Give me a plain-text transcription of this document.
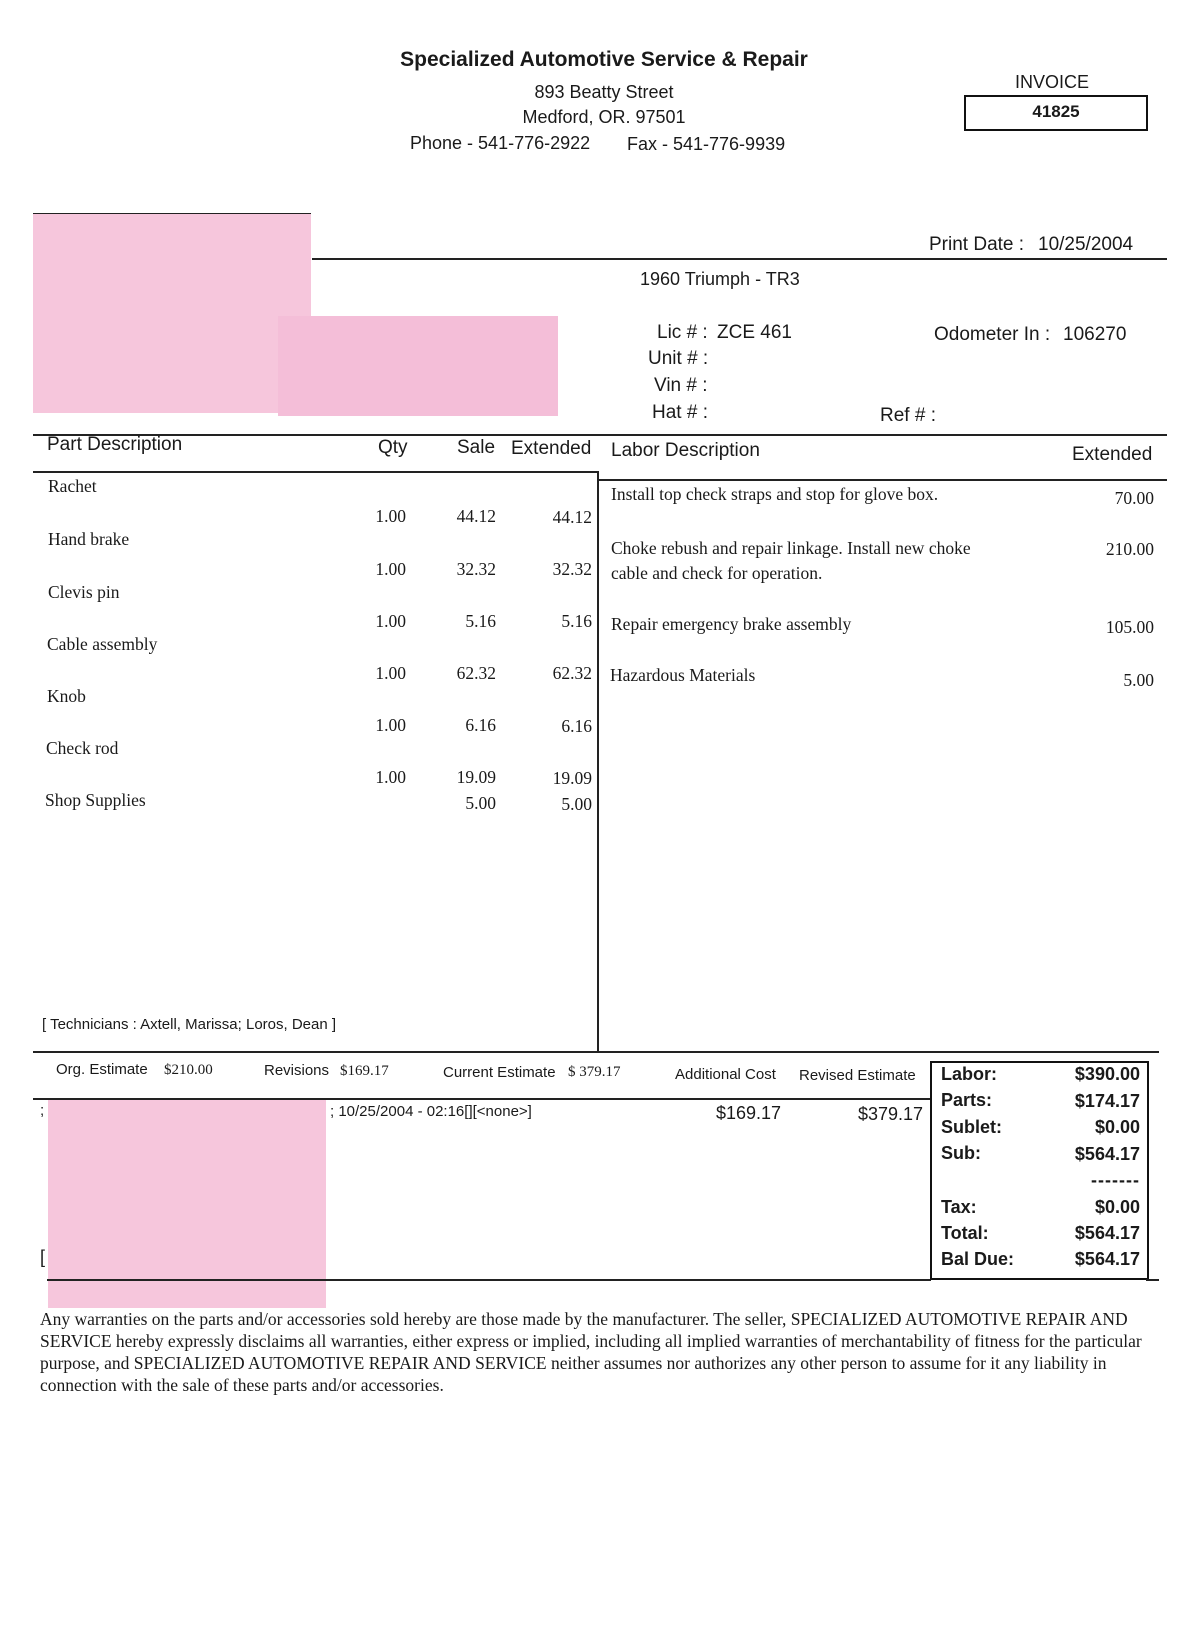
Specialized Automotive Service & Repair
893 Beatty Street
Medford, OR. 97501
Phone - 541-776-2922 Fax - 541-776-9939
INVOICE
41825
Print Date : 10/25/2004
1960 Triumph - TR3
Lic # : ZCE 461	Odometer In : 106270
Unit # :
Vin # :
Hat # :	Ref # :
Part Description	Qty	Sale Extended Labor Description	Extended
Rachet
1.00	44.12	44.12
Hand brake
1.00	32.32	32.32
Clevis pin
1.00	5.16	5.16
Cable assembly
1.00	62.32	62.32
Knob
1.00	6.16	6.16
Check rod
1.00	19.09	19.09
Shop Supplies	5.00	5.00
[ Technicians : Axtell, Marissa; Loros, Dean ]
Install top check straps and stop for glove box.	70.00
Choke rebush and repair linkage. Install new choke
cable and check for operation.
210.00
Repair emergency brake assembly	105.00
Hazardous Materials	5.00
Org. Estimate $210.00	Revisions $169.17	Current Estimate $ 379.17	Additional Cost Revised Estimate
;	; 10/25/2004 - 02:16[][<none>]	$169.17	$379.17
[
Labor:	$390.00
Parts:	$174.17
Sublet:	$0.00
Sub:	$564.17
-------
Tax:	$0.00
Total:	$564.17
Bal Due:	$564.17
Any warranties on the parts and/or accessories sold hereby are those made by the manufacturer. The seller, SPECIALIZED AUTOMOTIVE REPAIR AND SERVICE hereby expressly disclaims all warranties, either express or implied, including all implied warranties of merchantability of fitness for the particular purpose, and SPECIALIZED AUTOMOTIVE REPAIR AND SERVICE neither assumes nor authorizes any other person to assume for it any liability in connection with the sale of these parts and/or accessories.
